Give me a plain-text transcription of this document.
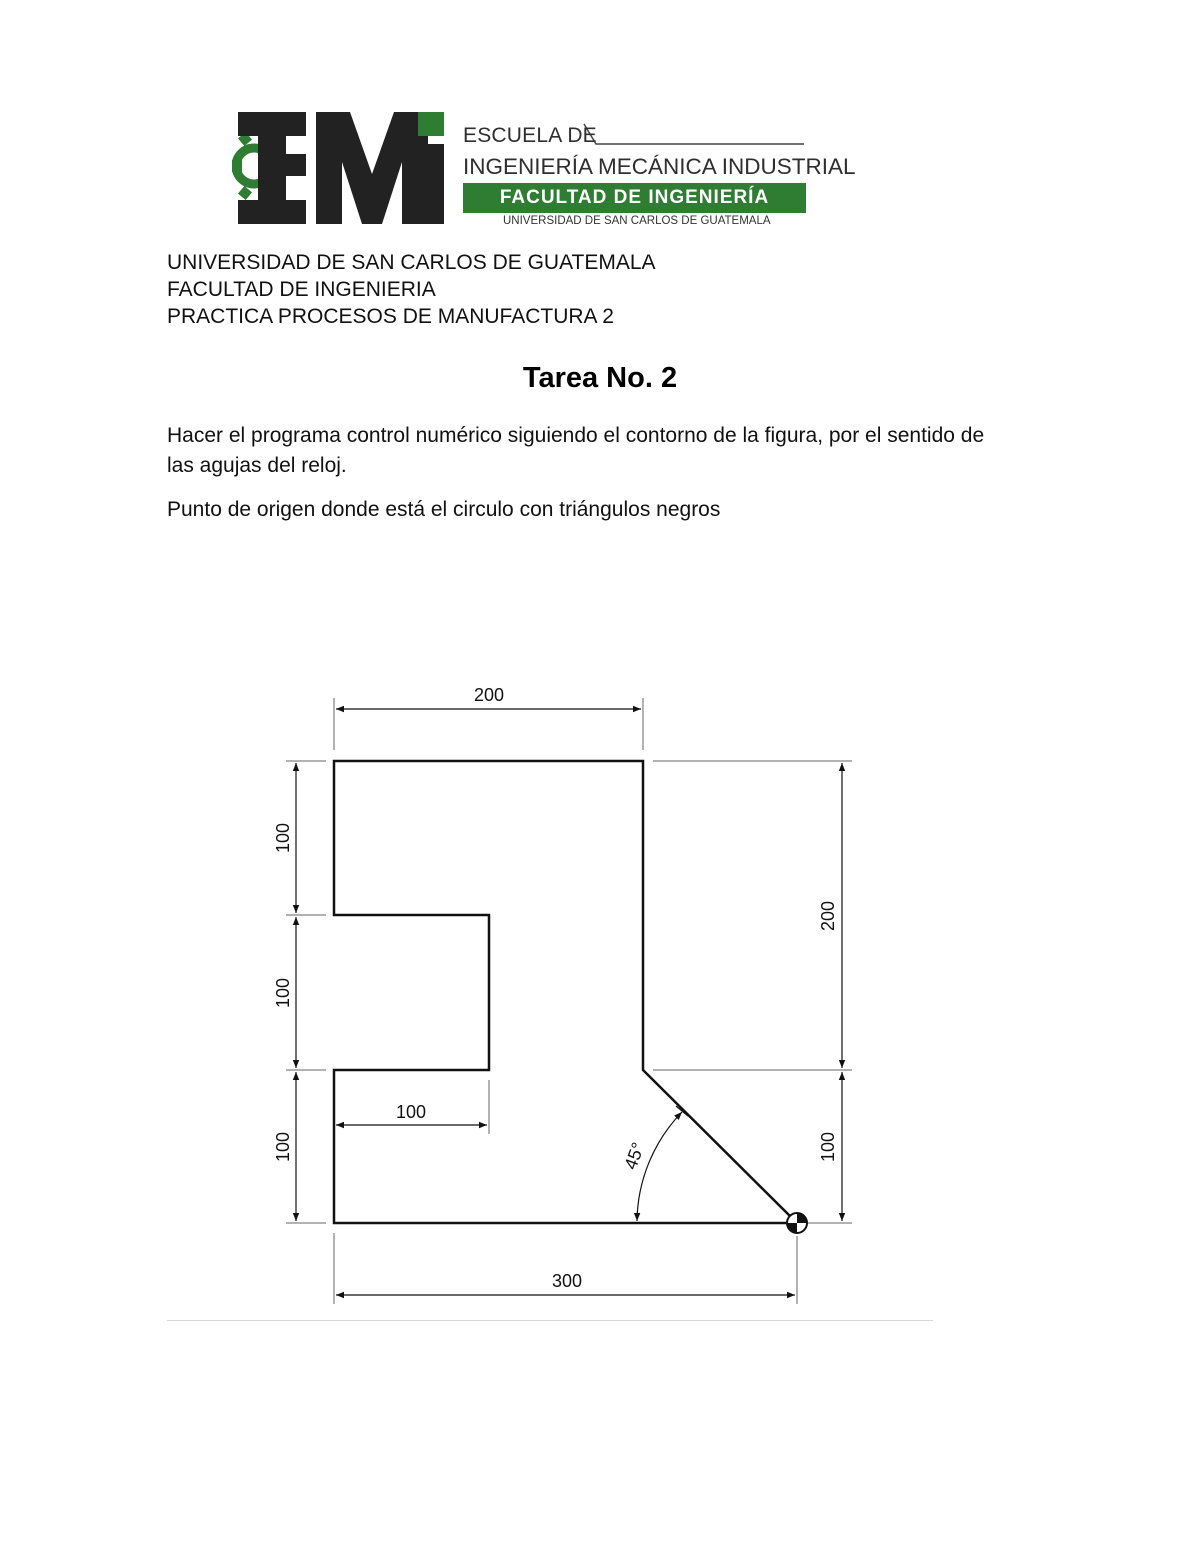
ESCUELA DE
INGENIERÍA MECÁNICA INDUSTRIAL
FACULTAD DE INGENIERÍA
UNIVERSIDAD DE SAN CARLOS DE GUATEMALA
UNIVERSIDAD DE SAN CARLOS DE GUATEMALA
FACULTAD DE INGENIERIA
PRACTICA PROCESOS DE MANUFACTURA 2
Tarea No. 2
Hacer el programa control numérico siguiendo el contorno de la figura, por el sentido de las agujas del reloj.
Punto de origen donde está el circulo con triángulos negros
200
100
100
100
100
200
100
300
45°
